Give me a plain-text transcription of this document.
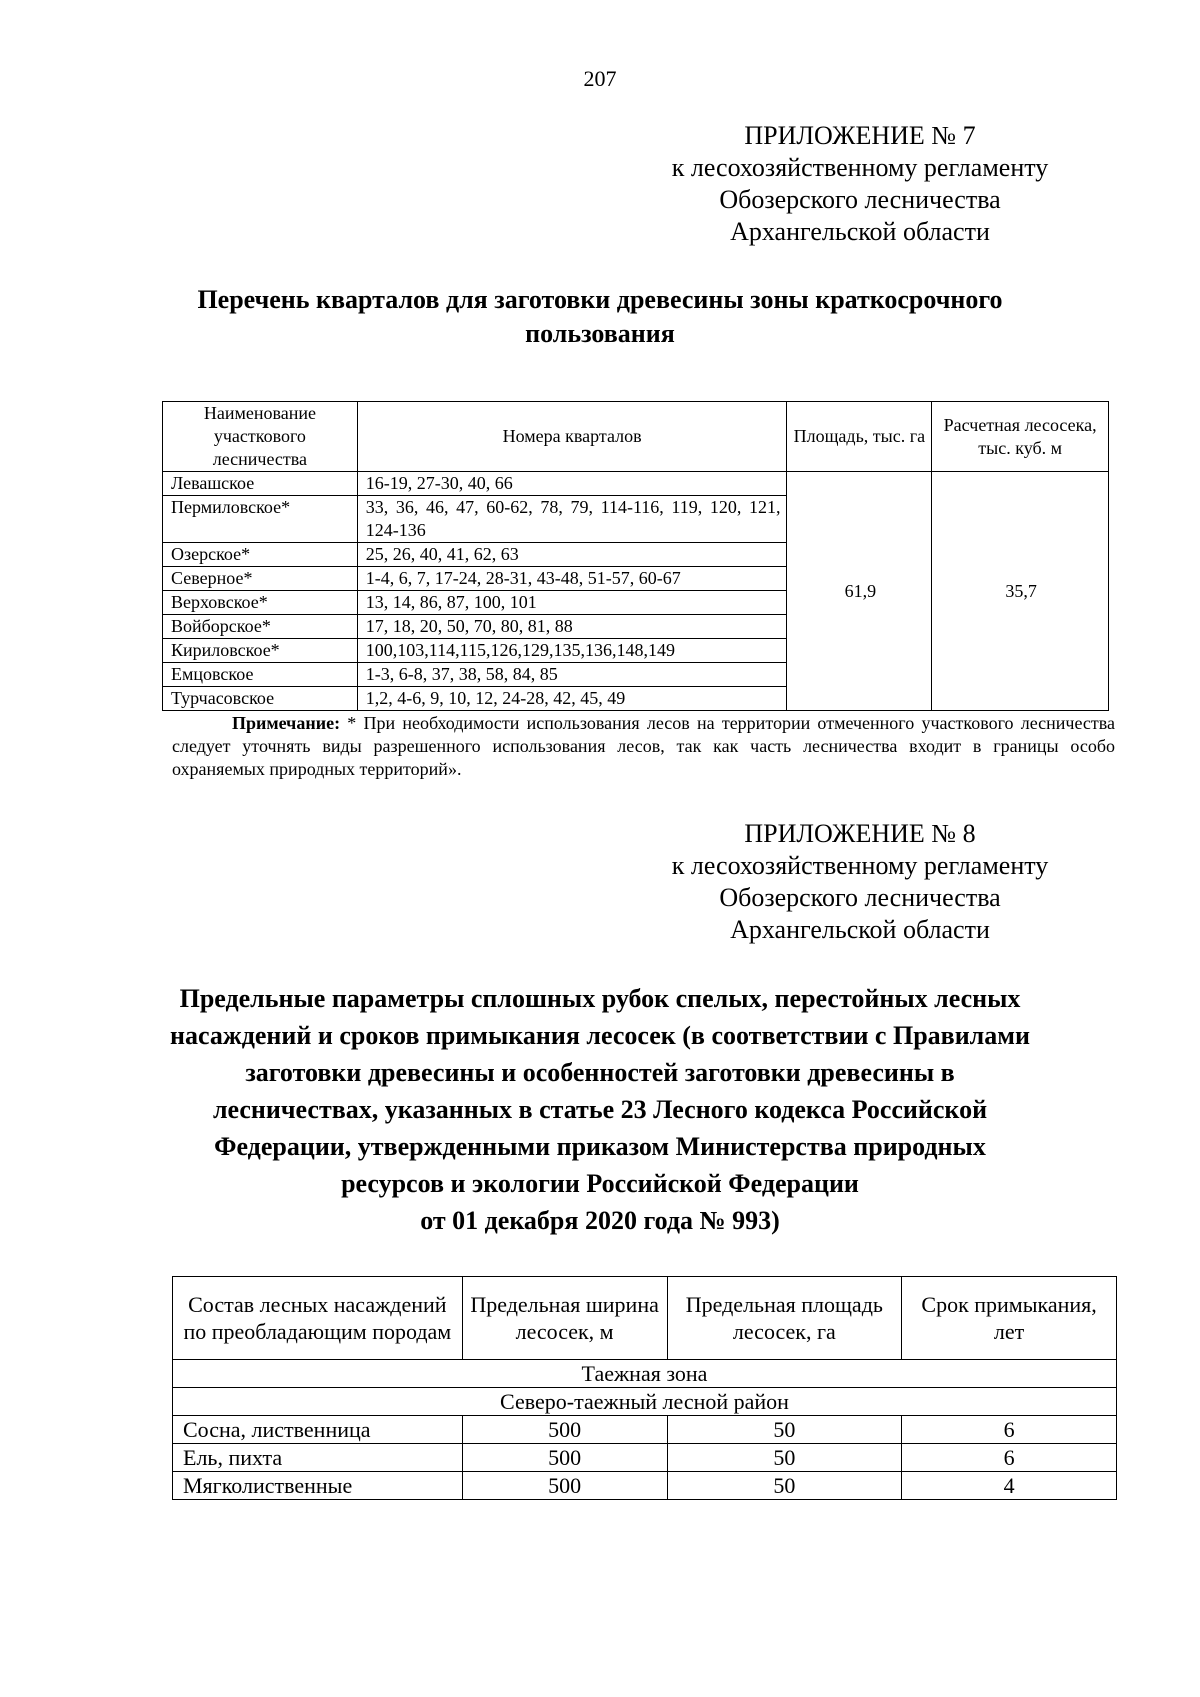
207
ПРИЛОЖЕНИЕ № 7
к лесохозяйственному регламенту
Обозерского лесничества
Архангельской области
Перечень кварталов для заготовки древесины зоны краткосрочного
пользования
Наименование участкового лесничества	Номера кварталов	Площадь, тыс. га	Расчетная лесосека, тыс. куб. м
Левашское	16-19, 27-30, 40, 66	61,9	35,7
Пермиловское*	33, 36, 46, 47, 60-62, 78, 79, 114-116, 119, 120, 121, 124-136		
Озерское*	25, 26, 40, 41, 62, 63		
Северное*	1-4, 6, 7, 17-24, 28-31, 43-48, 51-57, 60-67		
Верховское*	13, 14, 86, 87, 100, 101		
Войборское*	17, 18, 20, 50, 70, 80, 81, 88		
Кириловское*	100,103,114,115,126,129,135,136,148,149		
Емцовское	1-3, 6-8, 37, 38, 58, 84, 85		
Турчасовское	1,2, 4-6, 9, 10, 12, 24-28, 42, 45, 49		
Примечание: * При необходимости использования лесов на территории отмеченного участкового лесничества следует уточнять виды разрешенного использования лесов, так как часть лесничества входит в границы особо охраняемых природных территорий».
ПРИЛОЖЕНИЕ № 8
к лесохозяйственному регламенту
Обозерского лесничества
Архангельской области
Предельные параметры сплошных рубок спелых, перестойных лесных
насаждений и сроков примыкания лесосек (в соответствии с Правилами
заготовки древесины и особенностей заготовки древесины в
лесничествах, указанных в статье 23 Лесного кодекса Российской
Федерации, утвержденными приказом Министерства природных
ресурсов и экологии Российской Федерации
от 01 декабря 2020 года № 993)
Состав лесных насаждений по преобладающим породам	Предельная ширина лесосек, м	Предельная площадь лесосек, га	Срок примыкания, лет
Таежная зона			
Северо-таежный лесной район			
Сосна, лиственница	500	50	6
Ель, пихта	500	50	6
Мягколиственные	500	50	4
